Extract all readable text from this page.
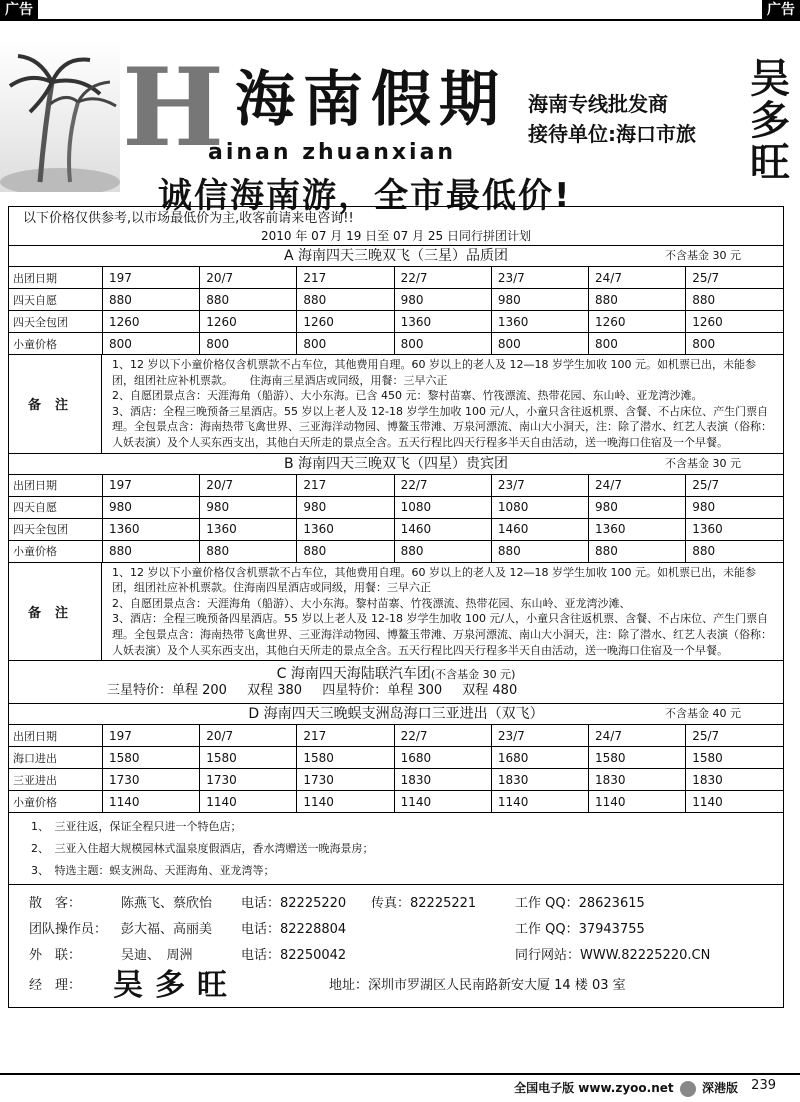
广告	广告
H 海南假期
ainan zhuanxian
海南专线批发商
接待单位:海口市旅
吴多旺
诚信海南游，全市最低价!
以下价格仅供参考,以市场最低价为主,收客前请来电咨询!!
2010 年 07 月 19 日至 07 月 25 日同行拼团计划
A 海南四天三晚双飞（三星）品质团	不含基金 30 元
出团日期	197	20/7	217	22/7	23/7	24/7	25/7
四天自愿	880	880	880	980	980	880	880
四天全包团	1260	1260	1260	1360	1360	1260	1260
小童价格	800	800	800	800	800	800	800
备注
1、12 岁以下小童价格仅含机票款不占车位，其他费用自理。60 岁以上的老人及 12—18 岁学生加收 100 元。如机票已出，未能参团，组团社应补机票款。　　住海南三星酒店或同级，用餐：三早六正
2、自愿团景点含：天涯海角（船游）、大小东海。已含 450 元：黎村苗寨、竹筏漂流、热带花园、东山岭、亚龙湾沙滩。
3、酒店：全程三晚预备三星酒店。55 岁以上老人及 12-18 岁学生加收 100 元/人，小童只含往返机票、含餐、不占床位、产生门票自理。全包景点含：海南热带飞禽世界、三亚海洋动物园、博鳌玉带滩、万泉河漂流、南山大小洞天，注：除了潜水、红艺人表演（俗称：人妖表演）及个人买东西支出，其他白天所走的景点全含。五天行程比四天行程多半天自由活动，送一晚海口住宿及一个早餐。
B 海南四天三晚双飞（四星）贵宾团	不含基金 30 元
出团日期	197	20/7	217	22/7	23/7	24/7	25/7
四天自愿	980	980	980	1080	1080	980	980
四天全包团	1360	1360	1360	1460	1460	1360	1360
小童价格	880	880	880	880	880	880	880
备注
1、12 岁以下小童价格仅含机票款不占车位，其他费用自理。60 岁以上的老人及 12—18 岁学生加收 100 元。如机票已出，未能参团，组团社应补机票款。住海南四星酒店或同级，用餐：三早六正
2、自愿团景点含：天涯海角（船游）、大小东海。黎村苗寨、竹筏漂流、热带花园、东山岭、亚龙湾沙滩、
3、酒店：全程三晚预备四星酒店。55 岁以上老人及 12-18 岁学生加收 100 元/人，小童只含往返机票、含餐、不占床位、产生门票自理。全包景点含：海南热带飞禽世界、三亚海洋动物园、博鳌玉带滩、万泉河漂流、南山大小洞天，注：除了潜水、红艺人表演（俗称：人妖表演）及个人买东西支出，其他白天所走的景点全含。五天行程比四天行程多半天自由活动，送一晚海口住宿及一个早餐。
C 海南四天海陆联汽车团(不含基金 30 元)
三星特价：单程 200 双程 380 四星特价：单程 300 双程 480
D 海南四天三晚蜈支洲岛海口三亚进出（双飞）	不含基金 40 元
出团日期	197	20/7	217	22/7	23/7	24/7	25/7
海口进出	1580	1580	1580	1680	1680	1580	1580
三亚进出	1730	1730	1730	1830	1830	1830	1830
小童价格	1140	1140	1140	1140	1140	1140	1140
1、　三亚往返，保证全程只进一个特色店；
2、　三亚入住超大规模园林式温泉度假酒店，香水湾赠送一晚海景房；
3、　特选主题：蜈支洲岛、天涯海角、亚龙湾等；
散　客：	陈燕飞、蔡欣怡 电话：82225220 传真：82225221	工作 QQ：28623615
团队操作员： 彭大福、高丽美 电话：82228804	工作 QQ：37943755
外　联：	吴迪、　周洲	电话：82250042	同行网站：WWW.82225220.CN
经　理： 吴多旺	地址：深圳市罗湖区人民南路新安大厦 14 楼 03 室
全国电子版 www.zyoo.net 深港版 239
